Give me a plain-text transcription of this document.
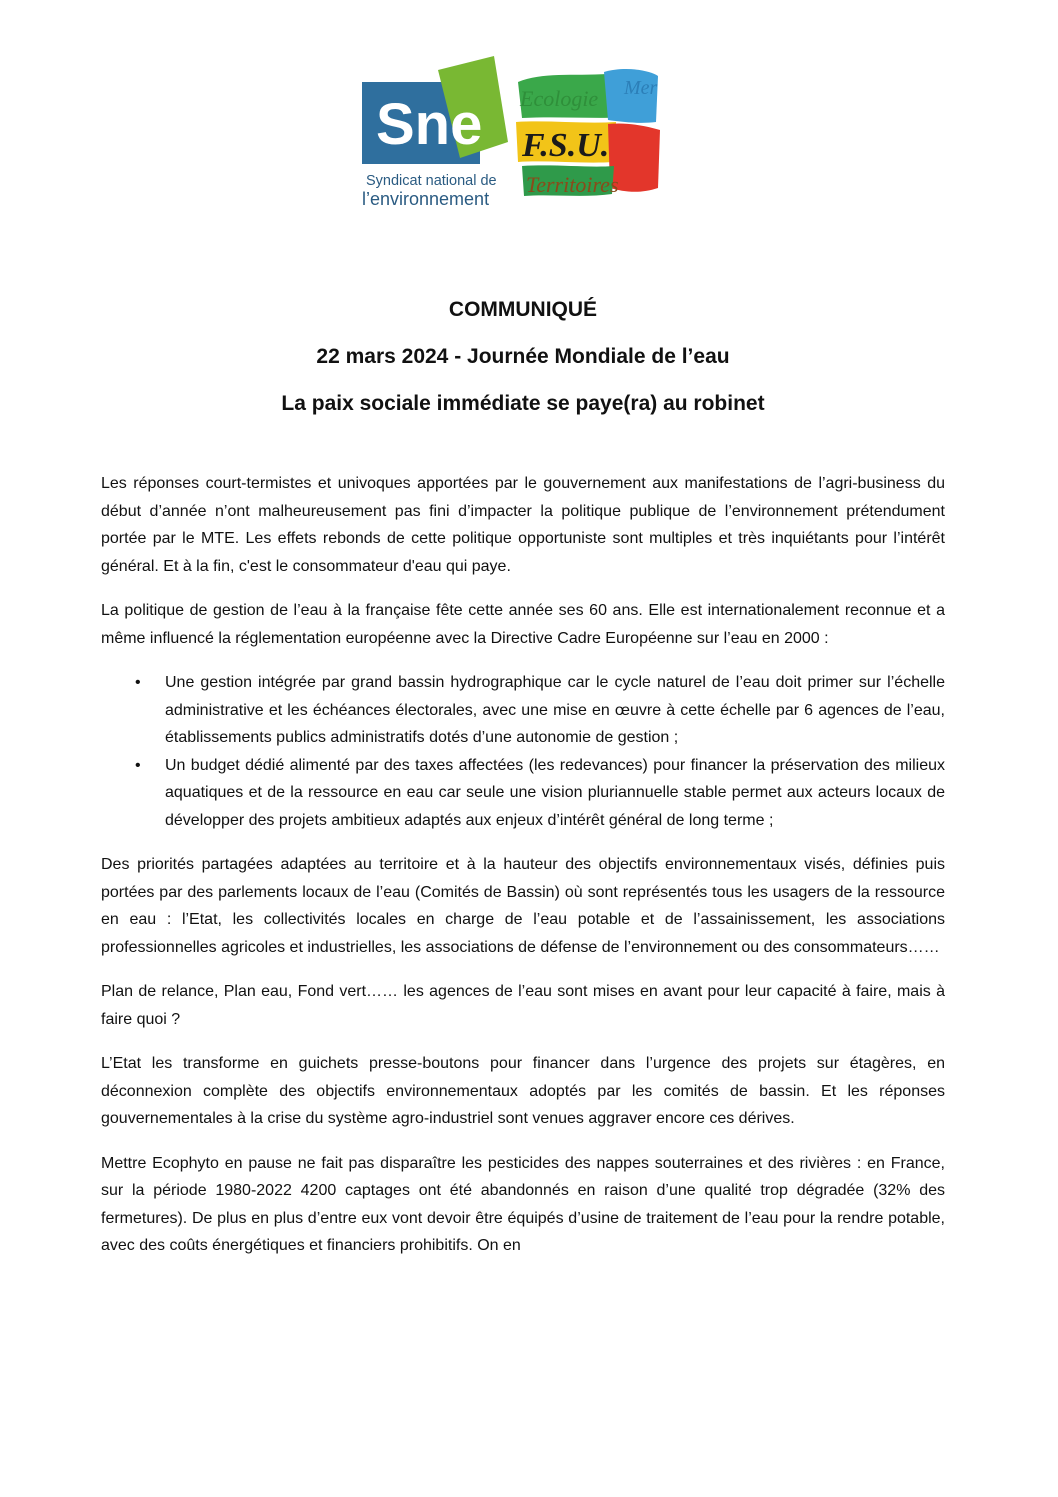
Sne
Syndicat national de
l’environnement
Ecologie Mer
F.S.U.
Territoires
COMMUNIQUÉ
22 mars 2024 - Journée Mondiale de l’eau
La paix sociale immédiate se paye(ra) au robinet

Les réponses court-termistes et univoques apportées par le gouvernement aux manifestations de l’agri-business du début d’année n’ont malheureusement pas fini d’impacter la politique publique de l’environnement prétendument portée par le MTE. Les effets rebonds de cette politique opportuniste sont multiples et très inquiétants pour l’intérêt général. Et à la fin, c'est le consommateur d'eau qui paye.

La politique de gestion de l’eau à la française fête cette année ses 60 ans. Elle est internationalement reconnue et a même influencé la réglementation européenne avec la Directive Cadre Européenne sur l’eau en 2000 :

• Une gestion intégrée par grand bassin hydrographique car le cycle naturel de l’eau doit primer sur l’échelle administrative et les échéances électorales, avec une mise en œuvre à cette échelle par 6 agences de l’eau, établissements publics administratifs dotés d’une autonomie de gestion ;
• Un budget dédié alimenté par des taxes affectées (les redevances) pour financer la préservation des milieux aquatiques et de la ressource en eau car seule une vision pluriannuelle stable permet aux acteurs locaux de développer des projets ambitieux adaptés aux enjeux d’intérêt général de long terme ;

Des priorités partagées adaptées au territoire et à la hauteur des objectifs environnementaux visés, définies puis portées par des parlements locaux de l’eau (Comités de Bassin) où sont représentés tous les usagers de la ressource en eau : l’Etat, les collectivités locales en charge de l’eau potable et de l’assainissement, les associations professionnelles agricoles et industrielles, les associations de défense de l’environnement ou des consommateurs……

Plan de relance, Plan eau, Fond vert…… les agences de l’eau sont mises en avant pour leur capacité à faire, mais à faire quoi ?

L’Etat les transforme en guichets presse-boutons pour financer dans l’urgence des projets sur étagères, en déconnexion complète des objectifs environnementaux adoptés par les comités de bassin. Et les réponses gouvernementales à la crise du système agro-industriel sont venues aggraver encore ces dérives.

Mettre Ecophyto en pause ne fait pas disparaître les pesticides des nappes souterraines et des rivières : en France, sur la période 1980-2022 4200 captages ont été abandonnés en raison d’une qualité trop dégradée (32% des fermetures). De plus en plus d’entre eux vont devoir être équipés d’usine de traitement de l’eau pour la rendre potable, avec des coûts énergétiques et financiers prohibitifs. On en
